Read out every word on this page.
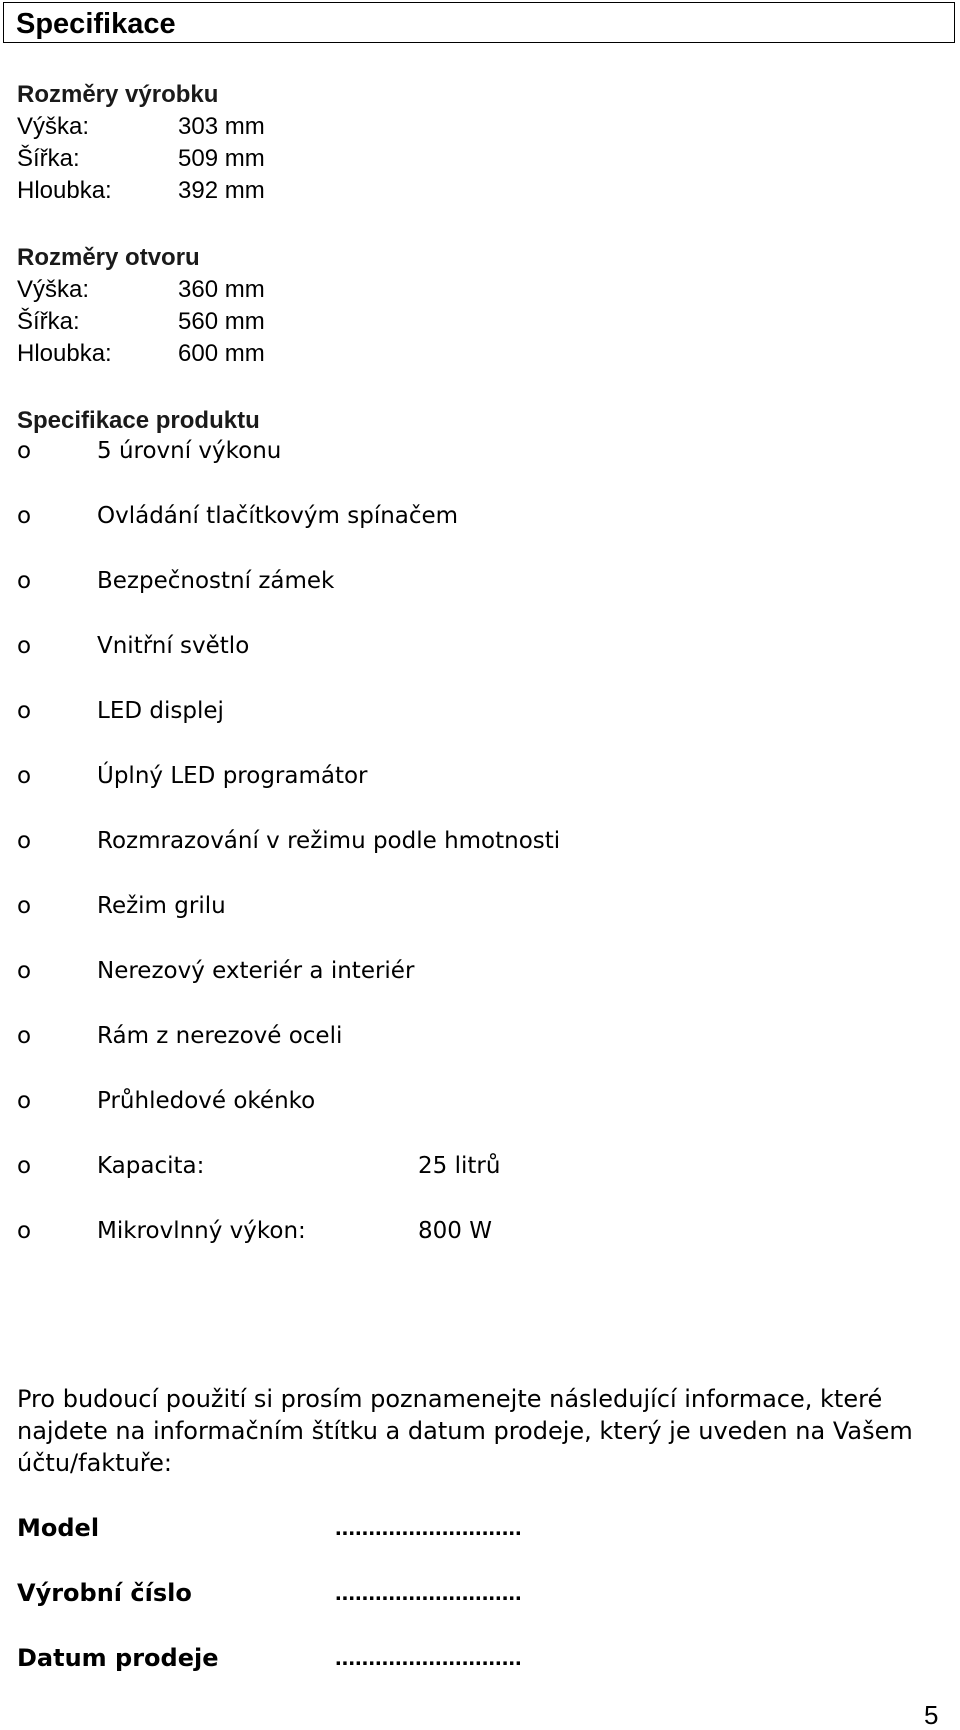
Specifikace
Rozměry výrobku
Výška:	303 mm
Šířka:	509 mm
Hloubka:	392 mm
Rozměry otvoru
Výška:	360 mm
Šířka:	560 mm
Hloubka:	600 mm
Specifikace produktu
o	5 úrovní výkonu
o	Ovládání tlačítkovým spínačem
o	Bezpečnostní zámek
o	Vnitřní světlo
o	LED displej
o	Úplný LED programátor
o	Rozmrazování v režimu podle hmotnosti
o	Režim grilu
o	Nerezový exteriér a interiér
o	Rám z nerezové oceli
o	Průhledové okénko
o	Kapacita:	25 litrů
o	Mikrovlnný výkon:	800 W
Pro budoucí použití si prosím poznamenejte následující informace, které najdete na informačním štítku a datum prodeje, který je uveden na Vašem účtu/faktuře:
Model	............................
Výrobní číslo	............................
Datum prodeje	............................
5
